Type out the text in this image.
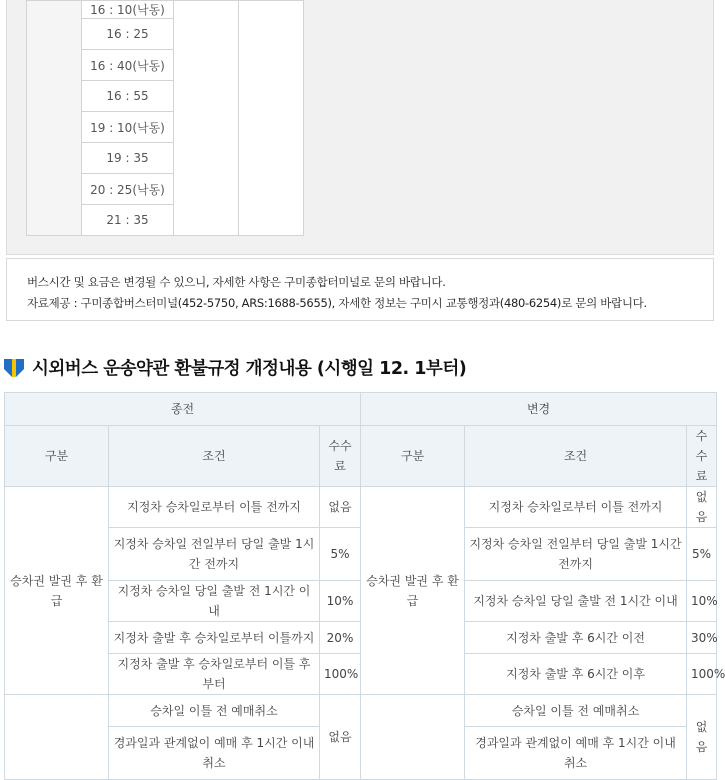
	16 : 10(낙동)		
16 : 25
16 : 40(낙동)
16 : 55
19 : 10(낙동)
19 : 35
20 : 25(낙동)
21 : 35

버스시간 및 요금은 변경될 수 있으니, 자세한 사항은 구미종합터미널로 문의 바랍니다.

자료제공 : 구미종합버스터미널(452-5750, ARS:1688-5655), 자세한 정보는 구미시 교통행정과(480-6254)로 문의 바랍니다.

시외버스 운송약관 환불규정 개정내용 (시행일 12. 1부터)
종전			변경		
구분	조건	수수료	구분	조건	수수료
승차권 발권 후 환급	지정차 승차일로부터 이틀 전까지	없음	승차권 발권 후 환급	지정차 승차일로부터 이틀 전까지	없음
	지정차 승차일 전일부터 당일 출발 1시간 전까지	5%		지정차 승차일 전일부터 당일 출발 1시간 전까지	5%
	지정차 승차일 당일 출발 전 1시간 이내	10%		지정차 승차일 당일 출발 전 1시간 이내	10%
	지정차 출발 후 승차일로부터 이틀까지	20%		지정차 출발 후 6시간 이전	30%
	지정차 출발 후 승차일로부터 이틀 후부터	100%		지정차 출발 후 6시간 이후	100%
	승차일 이틀 전 예매취소	없음		승차일 이틀 전 예매취소	없음
	경과일과 관계없이 예매 후 1시간 이내 취소			경과일과 관계없이 예매 후 1시간 이내 취소	
